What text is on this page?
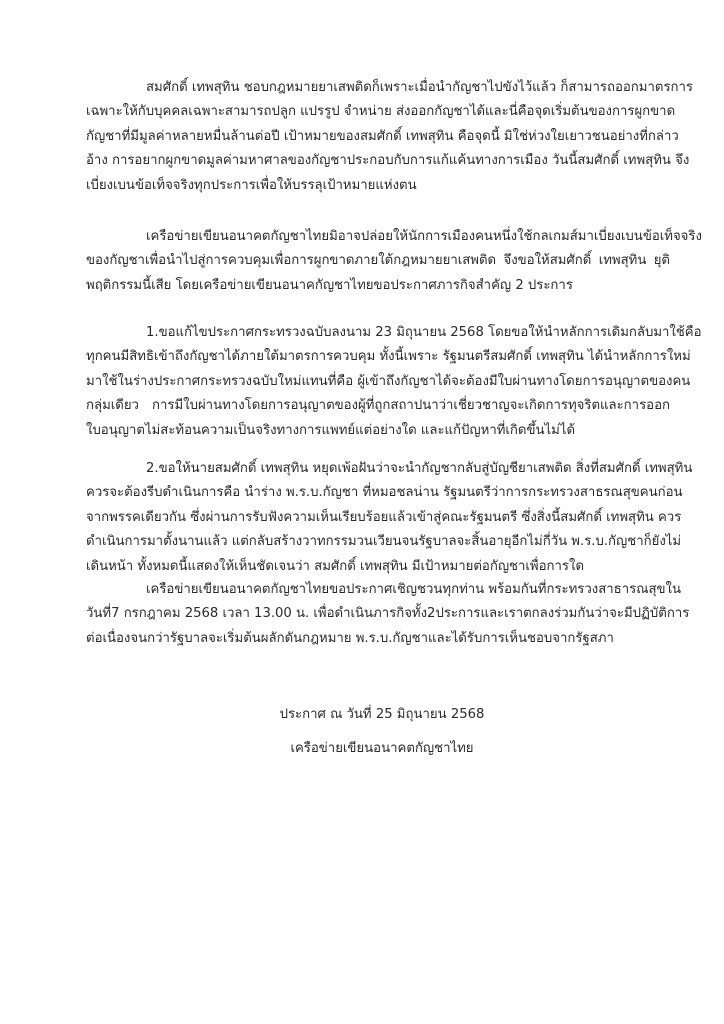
สมศักดิ์ เทพสุทิน ชอบกฎหมายยาเสพติดก็เพราะเมื่อนำกัญชาไปขังไว้แล้ว ก็สามารถออกมาตรการ
เฉพาะให้กับบุคคลเฉพาะสามารถปลูก แปรรูป จำหน่าย ส่งออกกัญชาได้และนี่คือจุดเริ่มต้นของการผูกขาด
กัญชาที่มีมูลค่าหลายหมื่นล้านต่อปี เป้าหมายของสมศักดิ์ เทพสุทิน คือจุดนี้ มิใช่ห่วงใยเยาวชนอย่างที่กล่าว
อ้าง การอยากผูกขาดมูลค่ามหาศาลของกัญชาประกอบกับการแก้แค้นทางการเมือง วันนี้สมศักดิ์ เทพสุทิน จึง
เบี่ยงเบนข้อเท็จจริงทุกประการเพื่อให้บรรลุเป้าหมายแห่งตน
เครือข่ายเขียนอนาคตกัญชาไทยมิอาจปล่อยให้นักการเมืองคนหนึ่งใช้กลเกมส์มาเบี่ยงเบนข้อเท็จจริง
ของกัญชาเพื่อนำไปสู่การควบคุมเพื่อการผูกขาดภายใต้กฎหมายยาเสพติด จึงขอให้สมศักดิ์ เทพสุทิน ยุติ
พฤติกรรมนี้เสีย โดยเครือข่ายเขียนอนาคกัญชาไทยขอประกาศภารกิจสำคัญ 2 ประการ
1.ขอแก้ไขประกาศกระทรวงฉบับลงนาม 23 มิถุนายน 2568 โดยขอให้นำหลักการเดิมกลับมาใช้คือ
ทุกคนมีสิทธิเข้าถึงกัญชาได้ภายใต้มาตรการควบคุม ทั้งนี้เพราะ รัฐมนตรีสมศักดิ์ เทพสุทิน ได้นำหลักการใหม่
มาใช้ในร่างประกาศกระทรวงฉบับใหม่แทนที่คือ ผู้เข้าถึงกัญชาได้จะต้องมีใบผ่านทางโดยการอนุญาตของคน
กลุ่มเดียว การมีใบผ่านทางโดยการอนุญาตของผู้ที่ถูกสถาปนาว่าเชี่ยวชาญจะเกิดการทุจริตและการออก
ใบอนุญาตไม่สะท้อนความเป็นจริงทางการแพทย์แต่อย่างใด และแก้ปัญหาที่เกิดขึ้นไม่ได้
2.ขอให้นายสมศักดิ์ เทพสุทิน หยุดเพ้อฝันว่าจะนำกัญชากลับสู่บัญชียาเสพติด สิ่งที่สมศักดิ์ เทพสุทิน
ควรจะต้องรีบดำเนินการคือ นำร่าง พ.ร.บ.กัญชา ที่หมอชลน่าน รัฐมนตรีว่าการกระทรวงสาธรณสุขคนก่อน
จากพรรคเดียวกัน ซึ่งผ่านการรับฟังความเห็นเรียบร้อยแล้วเข้าสู่คณะรัฐมนตรี ซึ่งสิ่งนี้สมศักดิ์ เทพสุทิน ควร
ดำเนินการมาตั้งนานแล้ว แต่กลับสร้างวาทกรรมวนเวียนจนรัฐบาลจะสิ้นอายุอีกไม่กี่วัน พ.ร.บ.กัญชาก็ยังไม่
เดินหน้า ทั้งหมดนี้แสดงให้เห็นชัดเจนว่า สมศักดิ์ เทพสุทิน มีเป้าหมายต่อกัญชาเพื่อการใด
เครือข่ายเขียนอนาคตกัญชาไทยขอประกาศเชิญชวนทุกท่าน พร้อมกันที่กระทรวงสาธารณสุขใน
วันที่7 กรกฎาคม 2568 เวลา 13.00 น. เพื่อดำเนินภารกิจทั้ง2ประการและเราตกลงร่วมกันว่าจะมีปฏิบัติการ
ต่อเนื่องจนกว่ารัฐบาลจะเริ่มต้นผลักดันกฎหมาย พ.ร.บ.กัญชาและได้รับการเห็นชอบจากรัฐสภา
ประกาศ ณ วันที่ 25 มิถุนายน 2568
เครือข่ายเขียนอนาคตกัญชาไทย
